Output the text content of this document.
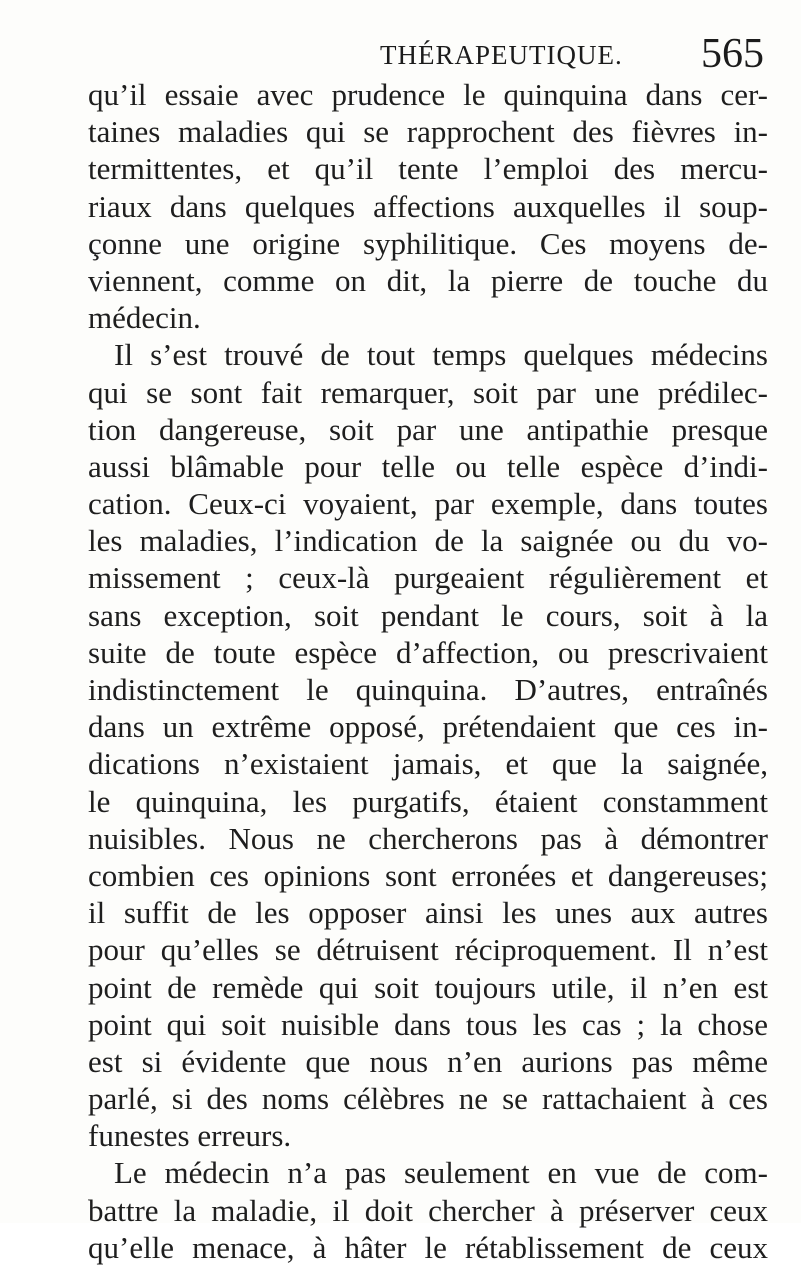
THÉRAPEUTIQUE. 565
qu’il essaie avec prudence le quinquina dans cer-
taines maladies qui se rapprochent des fièvres in-
termittentes, et qu’il tente l’emploi des mercu-
riaux dans quelques affections auxquelles il soup-
çonne une origine syphilitique. Ces moyens de-
viennent, comme on dit, la pierre de touche du
médecin.
Il s’est trouvé de tout temps quelques médecins
qui se sont fait remarquer, soit par une prédilec-
tion dangereuse, soit par une antipathie presque
aussi blâmable pour telle ou telle espèce d’indi-
cation. Ceux-ci voyaient, par exemple, dans toutes
les maladies, l’indication de la saignée ou du vo-
missement ; ceux-là purgeaient régulièrement et
sans exception, soit pendant le cours, soit à la
suite de toute espèce d’affection, ou prescrivaient
indistinctement le quinquina. D’autres, entraînés
dans un extrême opposé, prétendaient que ces in-
dications n’existaient jamais, et que la saignée,
le quinquina, les purgatifs, étaient constamment
nuisibles. Nous ne chercherons pas à démontrer
combien ces opinions sont erronées et dangereuses;
il suffit de les opposer ainsi les unes aux autres
pour qu’elles se détruisent réciproquement. Il n’est
point de remède qui soit toujours utile, il n’en est
point qui soit nuisible dans tous les cas ; la chose
est si évidente que nous n’en aurions pas même
parlé, si des noms célèbres ne se rattachaient à ces
funestes erreurs.
Le médecin n’a pas seulement en vue de com-
battre la maladie, il doit chercher à préserver ceux
qu’elle menace, à hâter le rétablissement de ceux
